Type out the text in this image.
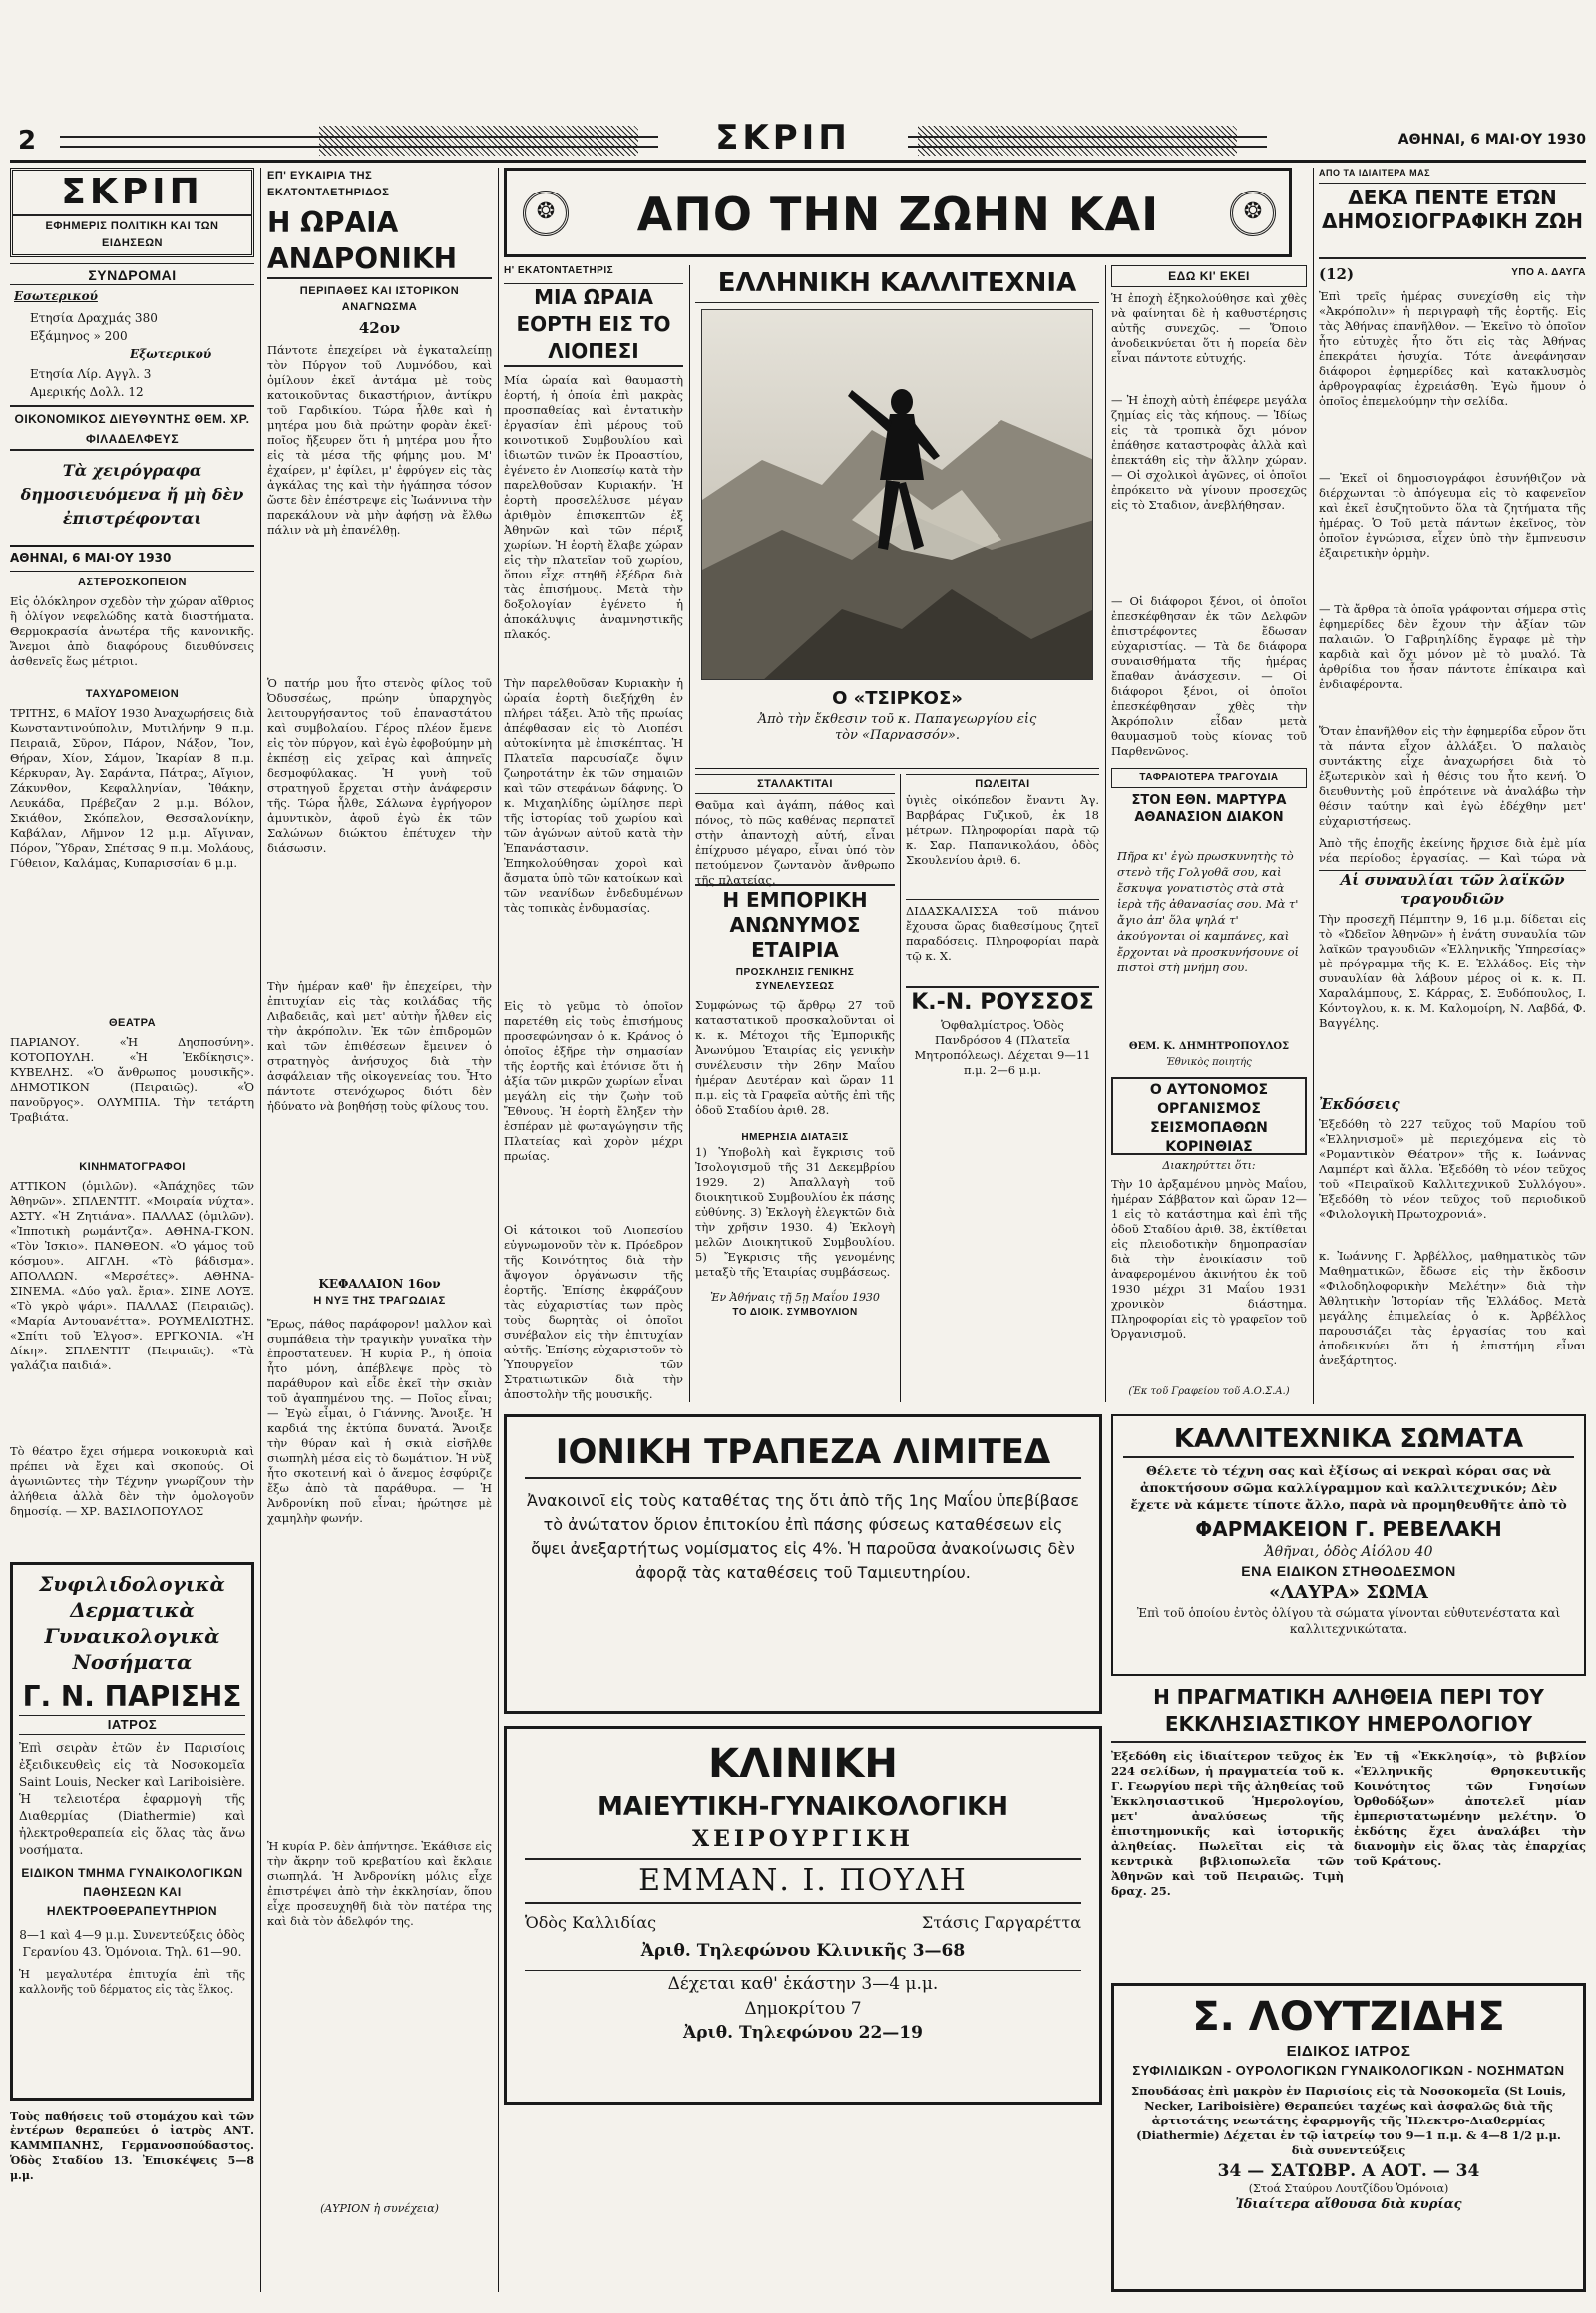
2	ΣΚΡΙΠ	ΑΘΗΝΑΙ, 6 ΜΑΙ·ΟΥ 1930
ΣΚΡΙΠ
ΕΦΗΜΕΡΙΣ ΠΟΛΙΤΙΚΗ ΚΑΙ ΤΩΝ ΕΙΔΗΣΕΩΝ
ΣΥΝΔΡΟΜΑΙ
Εσωτερικού
Ετησία Δραχμάς 380
Εξάμηνος » 200
Εξωτερικού
Ετησία Λίρ. Αγγλ. 3
Αμερικής Δολλ. 12
ΟΙΚΟΝΟΜΙΚΟΣ ΔΙΕΥΘΥΝΤΗΣ ΘΕΜ. ΧΡ. ΦΙΛΑΔΕΛΦΕΥΣ
Τὰ χειρόγραφα δημοσιευόμενα ἤ μὴ δὲν ἐπιστρέφονται
ΑΘΗΝΑΙ, 6 ΜΑΙ·ΟΥ 1930
ΑΣΤΕΡΟΣΚΟΠΕΙΟΝ
Εἰς ὁλόκληρον σχεδὸν τὴν χώραν αἴθριος ἢ ὀλίγον νεφελώδης κατὰ διαστήματα. Θερμοκρασία ἀνωτέρα τῆς κανονικῆς. Ἄνεμοι ἀπὸ διαφόρους διευθύνσεις ἀσθενεῖς ἕως μέτριοι.
ΤΑΧΥΔΡΟΜΕΙΟΝ
ΤΡΙΤΗΣ, 6 ΜΑΪΟΥ 1930 Ἀναχωρήσεις διὰ Κωνσταντινούπολιν, Μυτιλήνην 9 π.μ. Πειραιᾶ, Σῦρον, Πάρον, Νάξον, Ἴον, Θήραν, Χίον, Σάμον, Ἰκαρίαν 8 π.μ. Κέρκυραν, Ἀγ. Σαράντα, Πάτρας, Αἴγιον, Ζάκυνθον, Κεφαλληνίαν, Ἰθάκην, Λευκάδα, Πρέβεζαν 2 μ.μ. Βόλον, Σκιάθον, Σκόπελον, Θεσσαλονίκην, Καβάλαν, Λῆμνον 12 μ.μ. Αἴγιναν, Πόρον, Ὕδραν, Σπέτσας 9 π.μ. Μολάους, Γύθειον, Καλάμας, Κυπαρισσίαν 6 μ.μ.
ΘΕΑΤΡΑ
ΠΑΡΙΑΝΟΥ. «Ἡ Δησποσύνη». ΚΟΤΟΠΟΥΛΗ. «Ἡ Ἐκδίκησις». ΚΥΒΕΛΗΣ. «Ὁ ἄνθρωπος μουσικῆς». ΔΗΜΟΤΙΚΟΝ (Πειραιῶς). «Ὁ πανοῦργος». ΟΛΥΜΠΙΑ. Τὴν τετάρτη Τραβιάτα.
ΚΙΝΗΜΑΤΟΓΡΑΦΟΙ
ΑΤΤΙΚΟΝ (ὁμιλῶν). «Ἀπάχηδες τῶν Ἀθηνῶν». ΣΠΛΕΝΤΙΤ. «Μοιραία νύχτα». ΑΣΤΥ. «Ἡ Ζητιάνα». ΠΑΛΛΑΣ (ὁμιλῶν). «Ἰπποτικὴ ρωμάντζα». ΑΘΗΝΑ-ΓΚΟΝ. «Τὸν Ἰσκιο». ΠΑΝΘΕΟΝ. «Ὁ γάμος τοῦ κόσμου». ΑΙΓΛΗ. «Τὸ βάδισμα». ΑΠΟΛΛΩΝ. «Μερσέτες». ΑΘΗΝΑ-ΣΙΝΕΜΑ. «Δύο γαλ. ἔρια». ΣΙΝΕ ΛΟΥΞ. «Τὸ γκρὸ ψάρι». ΠΑΛΛΑΣ (Πειραιῶς). «Μαρία Αντουανέττα». ΡΟΥΜΕΛΙΩΤΗΣ. «Σπίτι τοῦ Ἑλγοσ». ΕΡΓΚΟΝΙΑ. «Ἡ Δίκη». ΣΠΛΕΝΤΙΤ (Πειραιῶς). «Τὰ γαλάζια παιδιά».
Τὸ θέατρο ἔχει σήμερα νοικοκυριὰ καὶ πρέπει νὰ ἔχει καὶ σκοπούς. Οἱ ἀγωνιῶντες τὴν Τέχνην γνωρίζουν τὴν ἀλήθεια ἀλλὰ δὲν τὴν ὁμολογοῦν δημοσίᾳ. — ΧΡ. ΒΑΣΙΛΟΠΟΥΛΟΣ
Συφιλιδολογικὰ
Δερματικὰ
Γυναικολογικὰ
Νοσήματα
Γ. Ν. ΠΑΡΙΣΗΣ
ΙΑΤΡΟΣ
Ἐπὶ σειρὰν ἐτῶν ἐν Παρισίοις ἐξειδικευθεὶς εἰς τὰ Νοσοκομεῖα Saint Louis, Necker καὶ Lariboisière. Ἡ τελειοτέρα ἐφαρμογὴ τῆς Διαθερμίας (Diathermie) καὶ ἠλεκτροθεραπεία εἰς ὅλας τὰς ἄνω νοσήματα.
ΕΙΔΙΚΟΝ ΤΜΗΜΑ ΓΥΝΑΙΚΟΛΟΓΙΚΩΝ ΠΑΘΗΣΕΩΝ ΚΑΙ ΗΛΕΚΤΡΟΘΕΡΑΠΕΥΤΗΡΙΟΝ
8—1 καὶ 4—9 μ.μ. Συνεντεύξεις ὁδὸς Γερανίου 43. Ὁμόνοια. Τηλ. 61—90.
Ἡ μεγαλυτέρα ἐπιτυχία ἐπὶ τῆς καλλονῆς τοῦ δέρματος εἰς τὰς ἕλκος.
Τοὺς παθήσεις τοῦ στομάχου καὶ τῶν ἐντέρων θεραπεύει ὁ ἰατρὸς ΑΝΤ. ΚΑΜΜΠΑΝΗΣ, Γερμανοσπούδαστος. Ὁδὸς Σταδίου 13. Ἐπισκέψεις 5—8 μ.μ.
ΕΠ' ΕΥΚΑΙΡΙΑ ΤΗΣ ΕΚΑΤΟΝΤΑΕΤΗΡΙΔΟΣ
Η ΩΡΑΙΑ ΑΝΔΡΟΝΙΚΗ
ΠΕΡΙΠΑΘΕΣ ΚΑΙ ΙΣΤΟΡΙΚΟΝ ΑΝΑΓΝΩΣΜΑ
42ον
Πάντοτε ἐπεχείρει νὰ ἐγκαταλείπῃ τὸν Πύργον τοῦ Λυμνόδου, καὶ ὁμίλουν ἐκεῖ ἀντάμα μὲ τοὺς κατοικοῦντας δικαστήριον, ἀντίκρυ τοῦ Γαρδικίου. Τώρα ἦλθε καὶ ἡ μητέρα μου διὰ πρώτην φορὰν ἐκεῖ· ποῖος ἤξευρεν ὅτι ἡ μητέρα μου ἦτο εἰς τὰ μέσα τῆς φήμης μου. Μ' ἐχαίρεν, μ' ἐφίλει, μ' ἐφρύγεν εἰς τὰς ἀγκάλας της καὶ τὴν ἠγάπησα τόσον ὥστε δὲν ἐπέστρεψε εἰς Ἰωάννινα τὴν παρεκάλουν νὰ μὴν ἀφήσῃ νὰ ἔλθω πάλιν νὰ μὴ ἐπανέλθῃ.
Ὁ πατήρ μου ἦτο στενὸς φίλος τοῦ Ὀδυσσέως, πρώην ὑπαρχηγὸς λειτουργήσαντος τοῦ ἐπαναστάτου καὶ συμβολαίου. Γέρος πλέον ἔμενε εἰς τὸν πύργον, καὶ ἐγὼ ἐφοβούμην μὴ ἐκπέσῃ εἰς χεῖρας καὶ ἀπηνεῖς δεσμοφύλακας. Ἡ γυνὴ τοῦ στρατηγοῦ ἔρχεται στὴν ἀνάφερσιν τῆς. Τώρα ἦλθε, Σάλωνα ἐγρήγορον ἀμυντικὸν, ἀφοῦ ἐγὼ ἐκ τῶν Σαλώνων διώκτου ἐπέτυχεν τὴν διάσωσιν.
Τὴν ἡμέραν καθ' ἣν ἐπεχείρει, τὴν ἐπιτυχίαν εἰς τὰς κοιλάδας τῆς Λιβαδειᾶς, καὶ μετ' αὐτὴν ἦλθεν εἰς τὴν ἀκρόπολιν. Ἐκ τῶν ἐπιδρομῶν καὶ τῶν ἐπιθέσεων ἔμεινεν ὁ στρατηγὸς ἀνήσυχος διὰ τὴν ἀσφάλειαν τῆς οἰκογενείας του. Ἦτο πάντοτε στενόχωρος διότι δὲν ἠδύνατο νὰ βοηθήσῃ τοὺς φίλους του.
ΚΕΦΑΛΑΙΟΝ 16ον
Η ΝΥΞ ΤΗΣ ΤΡΑΓΩΔΙΑΣ
Ἔρως, πάθος παράφορον! μαλλον καὶ συμπάθεια τὴν τραγικὴν γυναῖκα τὴν ἐπροστατευεν. Ἡ κυρία Ρ., ἡ ὁποία ἦτο μόνη, ἀπέβλεψε πρὸς τὸ παράθυρον καὶ εἶδε ἐκεῖ τὴν σκιὰν τοῦ ἀγαπημένου της. — Ποῖος εἶναι; — Ἐγὼ εἶμαι, ὁ Γιάννης. Ἄνοιξε. Ἡ καρδιά της ἐκτύπα δυνατά. Ἄνοιξε τὴν θύραν καὶ ἡ σκιὰ εἰσῆλθε σιωπηλὴ μέσα εἰς τὸ δωμάτιον. Ἡ νὺξ ἦτο σκοτεινή καὶ ὁ ἄνεμος ἐσφύριζε ἔξω ἀπὸ τὰ παράθυρα. — Ἡ Ἀνδρονίκη ποῦ εἶναι; ἠρώτησε μὲ χαμηλὴν φωνήν.
Ἡ κυρία Ρ. δὲν ἀπήντησε. Ἐκάθισε εἰς τὴν ἄκρην τοῦ κρεβατίου καὶ ἔκλαιε σιωπηλά. Ἡ Ἀνδρονίκη μόλις εἶχε ἐπιστρέψει ἀπὸ τὴν ἐκκλησίαν, ὅπου εἶχε προσευχηθῆ διὰ τὸν πατέρα της καὶ διὰ τὸν ἀδελφόν της.
(ΑΥΡΙΟΝ ἡ συνέχεια)
❂	ΑΠΟ ΤΗΝ ΖΩΗΝ ΚΑΙ	❂
Η' ΕΚΑΤΟΝΤΑΕΤΗΡΙΣ
ΜΙΑ ΩΡΑΙΑ ΕΟΡΤΗ ΕΙΣ ΤΟ ΛΙΟΠΕΣΙ
Μία ὡραία καὶ θαυμαστὴ ἑορτή, ἡ ὁποία ἐπὶ μακρὰς προσπαθείας καὶ ἐντατικὴν ἐργασίαν ἐπὶ μέρους τοῦ κοινοτικοῦ Συμβουλίου καὶ ἰδιωτῶν τινῶν ἐκ Προαστίου, ἐγένετο ἐν Λιοπεσίῳ κατὰ τὴν παρελθοῦσαν Κυριακήν. Ἡ ἑορτὴ προσελέλυσε μέγαν ἀριθμὸν ἐπισκεπτῶν ἐξ Ἀθηνῶν καὶ τῶν πέριξ χωρίων. Ἡ ἑορτὴ ἔλαβε χώραν εἰς τὴν πλατεῖαν τοῦ χωρίου, ὅπου εἶχε στηθῆ ἐξέδρα διὰ τὰς ἐπισήμους. Μετὰ τὴν δοξολογίαν ἐγένετο ἡ ἀποκάλυψις ἀναμνηστικῆς πλακός.
Τὴν παρελθοῦσαν Κυριακὴν ἡ ὡραία ἑορτὴ διεξήχθη ἐν πλήρει τάξει. Ἀπὸ τῆς πρωίας ἀπέφθασαν εἰς τὸ Λιοπέσι αὐτοκίνητα μὲ ἐπισκέπτας. Ἡ Πλατεῖα παρουσίαζε ὄψιν ζωηροτάτην ἐκ τῶν σημαιῶν καὶ τῶν στεφάνων δάφνης. Ὁ κ. Μιχαηλίδης ὡμίλησε περὶ τῆς ἱστορίας τοῦ χωρίου καὶ τῶν ἀγώνων αὐτοῦ κατὰ τὴν Ἐπανάστασιν. Ἐπηκολούθησαν χοροὶ καὶ ἄσματα ὑπὸ τῶν κατοίκων καὶ τῶν νεανίδων ἐνδεδυμένων τὰς τοπικὰς ἐνδυμασίας.
Εἰς τὸ γεῦμα τὸ ὁποῖον παρετέθη εἰς τοὺς ἐπισήμους προσεφώνησαν ὁ κ. Κράνος ὁ ὁποῖος ἐξῆρε τὴν σημασίαν τῆς ἑορτῆς καὶ ἐτόνισε ὅτι ἡ ἀξία τῶν μικρῶν χωρίων εἶναι μεγάλη εἰς τὴν ζωὴν τοῦ Ἔθνους. Ἡ ἑορτὴ ἔληξεν τὴν ἑσπέραν μὲ φωταγώγησιν τῆς Πλατείας καὶ χορὸν μέχρι πρωίας.
Οἱ κάτοικοι τοῦ Λιοπεσίου εὐγνωμονοῦν τὸν κ. Πρόεδρον τῆς Κοινότητος διὰ τὴν ἄψογον ὀργάνωσιν τῆς ἑορτῆς. Ἐπίσης ἐκφράζουν τὰς εὐχαριστίας των πρὸς τοὺς δωρητὰς οἱ ὁποῖοι συνέβαλον εἰς τὴν ἐπιτυχίαν αὐτῆς. Ἐπίσης εὐχαριστοῦν τὸ Ὑπουργεῖον τῶν Στρατιωτικῶν διὰ τὴν ἀποστολὴν τῆς μουσικῆς.
ΕΛΛΗΝΙΚΗ ΚΑΛΛΙΤΕΧΝΙΑ
Ο «ΤΣΙΡΚΟΣ»
Ἀπὸ τὴν ἔκθεσιν τοῦ κ. Παπαγεωργίου εἰς τὸν «Παρνασσόν».
ΣΤΑΛΑΚΤΙΤΑΙ
Θαῦμα καὶ ἀγάπη, πάθος καὶ πόνος, τὸ πῶς καθένας περπατεῖ στὴν ἀπαντοχὴ αὐτή, εἶναι ἐπίχρυσο μέγαρο, εἶναι ὑπό τὸν πετούμενον ζωντανὸν ἄνθρωπο τῆς πλατείας.
Η ΕΜΠΟΡΙΚΗ ΑΝΩΝΥΜΟΣ ΕΤΑΙΡΙΑ
ΠΡΟΣΚΛΗΣΙΣ ΓΕΝΙΚΗΣ ΣΥΝΕΛΕΥΣΕΩΣ
Συμφώνως τῷ ἄρθρῳ 27 τοῦ καταστατικοῦ προσκαλοῦνται οἱ κ. κ. Μέτοχοι τῆς Ἐμπορικῆς Ἀνωνύμου Ἑταιρίας εἰς γενικὴν συνέλευσιν τὴν 26ην Μαΐου ἡμέραν Δευτέραν καὶ ὥραν 11 π.μ. εἰς τὰ Γραφεῖα αὐτῆς ἐπὶ τῆς ὁδοῦ Σταδίου ἀριθ. 28.
ΗΜΕΡΗΣΙΑ ΔΙΑΤΑΞΙΣ
1) Ὑποβολὴ καὶ ἔγκρισις τοῦ Ἰσολογισμοῦ τῆς 31 Δεκεμβρίου 1929. 2) Ἀπαλλαγὴ τοῦ διοικητικοῦ Συμβουλίου ἐκ πάσης εὐθύνης. 3) Ἐκλογὴ ἐλεγκτῶν διὰ τὴν χρῆσιν 1930. 4) Ἐκλογὴ μελῶν Διοικητικοῦ Συμβουλίου. 5) Ἔγκρισις τῆς γενομένης μεταξὺ τῆς Ἑταιρίας συμβάσεως.
Ἐν Ἀθήναις τῇ 5ῃ Μαΐου 1930
ΤΟ ΔΙΟΙΚ. ΣΥΜΒΟΥΛΙΟΝ
ΠΩΛΕΙΤΑΙ
ὑγιὲς οἰκόπεδον ἔναντι Ἀγ. Βαρβάρας Γυζικοῦ, ἐκ 18 μέτρων. Πληροφορίαι παρὰ τῷ κ. Σαρ. Παπανικολάου, ὁδὸς Σκουλενίου ἀριθ. 6.
ΔΙΔΑΣΚΑΛΙΣΣΑ τοῦ πιάνου ἔχουσα ὥρας διαθεσίμους ζητεῖ παραδόσεις. Πληροφορίαι παρὰ τῷ κ. Χ.
Κ.-Ν. ΡΟΥΣΣΟΣ
Ὁφθαλμίατρος. Ὁδὸς Πανδρόσου 4 (Πλατεῖα Μητροπόλεως). Δέχεται 9—11 π.μ. 2—6 μ.μ.
ΕΔΩ ΚΙ' ΕΚΕΙ
Ἡ ἐποχὴ ἐξηκολούθησε καὶ χθὲς νὰ φαίνηται δὲ ἡ καθυστέρησις αὐτῆς συνεχῶς. — Ὅποιο ἀνοδεικνύεται ὅτι ἡ πορεία δὲν εἶναι πάντοτε εὐτυχής.
— Ἡ ἐποχὴ αὐτὴ ἐπέφερε μεγάλα ζημίας εἰς τὰς κήπους. — Ἰδίως εἰς τὰ τροπικὰ ὄχι μόνον ἐπάθησε καταστροφὰς ἀλλὰ καὶ ἐπεκτάθη εἰς τὴν ἄλλην χώραν. — Οἱ σχολικοὶ ἀγῶνες, οἱ ὁποῖοι ἐπρόκειτο νὰ γίνουν προσεχῶς εἰς τὸ Σταδιον, ἀνεβλήθησαν.
— Οἱ διάφοροι ξένοι, οἱ ὁποῖοι ἐπεσκέφθησαν ἐκ τῶν Δελφῶν ἐπιστρέφοντες ἔδωσαν εὐχαριστίας. — Τὰ δε διάφορα συναισθήματα τῆς ἡμέρας ἔπαθαν ἀνάσχεσιν. — Οἱ διάφοροι ξένοι, οἱ ὁποῖοι ἐπεσκέφθησαν χθὲς τὴν Ἀκρόπολιν εἶδαν μετὰ θαυμασμοῦ τοὺς κίονας τοῦ Παρθενῶνος.
ΤΑΦΡΑΙΟΤΕΡΑ ΤΡΑΓΟΥΔΙΑ
ΣΤΟΝ ΕΘΝ. ΜΑΡΤΥΡΑ ΑΘΑΝΑΣΙΟΝ ΔΙΑΚΟΝ
Πῆρα κι' ἐγὼ πρωσκυνητὴς τὸ στενὸ τῆς Γολγοθᾶ σου, καὶ ἔσκυψα γονατιστὸς στὰ στὰ ἱερὰ τῆς ἀθανασίας σου. Μὰ τ' ἄγιο ἀπ' ὅλα ψηλά τ' ἀκούγονται οἱ καμπάνες, καὶ ἔρχονται νὰ προσκυνήσουνε οἱ πιστοὶ στὴ μνήμη σου.
ΘΕΜ. Κ. ΔΗΜΗΤΡΟΠΟΥΛΟΣ
Ἐθνικὸς ποιητής
Ο ΑΥΤΟΝΟΜΟΣ ΟΡΓΑΝΙΣΜΟΣ ΣΕΙΣΜΟΠΑΘΩΝ ΚΟΡΙΝΘΙΑΣ
Διακηρύττει ὅτι:
Τὴν 10 ἀρξαμένου μηνὸς Μαΐου, ἡμέραν Σάββατον καὶ ὥραν 12—1 εἰς τὸ κατάστημα καὶ ἐπὶ τῆς ὁδοῦ Σταδίου ἀριθ. 38, ἐκτίθεται εἰς πλειοδοτικὴν δημοπρασίαν διὰ τὴν ἐνοικίασιν τοῦ ἀναφερομένου ἀκινήτου ἐκ τοῦ 1930 μέχρι 31 Μαΐου 1931 χρονικὸν διάστημα. Πληροφορίαι εἰς τὸ γραφεῖον τοῦ Ὀργανισμοῦ.
(Ἐκ τοῦ Γραφείου τοῦ Α.Ο.Σ.Α.)
ΑΠΟ ΤΑ ΙΔΙΑΙΤΕΡΑ ΜΑΣ
ΔΕΚΑ ΠΕΝΤΕ ΕΤΩΝ ΔΗΜΟΣΙΟΓΡΑΦΙΚΗ ΖΩΗ
(12)	ΥΠΟ Α. ΔΑΥΓΑ
Ἐπὶ τρεῖς ἡμέρας συνεχίσθη εἰς τὴν «Ἀκρόπολιν» ἡ περιγραφὴ τῆς ἑορτῆς. Εἰς τὰς Ἀθήνας ἐπανῆλθον. — Ἐκεῖνο τὸ ὁποῖον ἦτο εὐτυχὲς ἦτο ὅτι εἰς τὰς Ἀθήνας ἐπεκράτει ἡσυχία. Τότε ἀνεφάνησαν διάφοροι ἐφημερίδες καὶ κατακλυσμὸς ἀρθρογραφίας ἐχρειάσθη. Ἐγὼ ἤμουν ὁ ὁποῖος ἐπεμελούμην τὴν σελίδα.
— Ἐκεῖ οἱ δημοσιογράφοι ἐσυνήθιζον νὰ διέρχωνται τὸ ἀπόγευμα εἰς τὸ καφενεῖον καὶ ἐκεῖ ἐσυζητοῦντο ὅλα τὰ ζητήματα τῆς ἡμέρας. Ὁ Τοῦ μετὰ πάντων ἐκεῖνος, τὸν ὁποῖον ἐγνώρισα, εἶχεν ὑπὸ τὴν ἔμπνευσιν ἐξαιρετικὴν ὁρμὴν.
— Τὰ ἄρθρα τὰ ὁποῖα γράφονται σήμερα στὶς ἐφημερίδες δὲν ἔχουν τὴν ἀξίαν τῶν παλαιῶν. Ὁ Γαβριηλίδης ἔγραφε μὲ τὴν καρδιὰ καὶ ὄχι μόνον μὲ τὸ μυαλό. Τὰ ἀρθρίδια του ἦσαν πάντοτε ἐπίκαιρα καὶ ἐνδιαφέροντα.
Ὅταν ἐπανῆλθον εἰς τὴν ἐφημερίδα εὗρον ὅτι τὰ πάντα εἶχον ἀλλάξει. Ὁ παλαιὸς συντάκτης εἶχε ἀναχωρήσει διὰ τὸ ἐξωτερικὸν καὶ ἡ θέσις του ἦτο κενή. Ὁ διευθυντὴς μοῦ ἐπρότεινε νὰ ἀναλάβω τὴν θέσιν ταύτην καὶ ἐγὼ ἐδέχθην μετ' εὐχαριστήσεως.
Ἀπὸ τῆς ἐποχῆς ἐκείνης ἤρχισε διὰ ἐμὲ μία νέα περίοδος ἐργασίας. — Καὶ τώρα νὰ
Αἱ συναυλίαι τῶν λαϊκῶν τραγουδιῶν
Τὴν προσεχῆ Πέμπτην 9, 16 μ.μ. δίδεται εἰς τὸ «Ὠδεῖον Ἀθηνῶν» ἡ ἐνάτη συναυλία τῶν λαϊκῶν τραγουδιῶν «Ἑλληνικῆς Ὑπηρεσίας» μὲ πρόγραμμα τῆς Κ. Ε. Ἑλλάδος. Εἰς τὴν συναυλίαν θὰ λάβουν μέρος οἱ κ. κ. Π. Χαραλάμπους, Σ. Κάρρας, Σ. Ξυδόπουλος, Ι. Κόντογλου, κ. κ. Μ. Καλομοίρη, Ν. Λαβδά, Φ. Βαγγέλης.
Ἐκδόσεις
Ἐξεδόθη τὸ 227 τεῦχος τοῦ Μαρίου τοῦ «Ἑλληνισμοῦ» μὲ περιεχόμενα εἰς τὸ «Ρομαντικὸν Θέατρον» τῆς κ. Ιωάννας Λαμπέρτ καὶ ἄλλα. Ἐξεδόθη τὸ νέον τεῦχος τοῦ «Πειραϊκοῦ Καλλιτεχνικοῦ Συλλόγου». Ἐξεδόθη τὸ νέον τεῦχος τοῦ περιοδικοῦ «Φιλολογικὴ Πρωτοχρονιά».
κ. Ἰωάννης Γ. Ἀρβέλλος, μαθηματικὸς τῶν Μαθηματικῶν, ἔδωσε εἰς τὴν ἔκδοσιν «Φιλοδηλοφορικὴν Μελέτην» διὰ τὴν Ἀθλητικὴν Ἱστορίαν τῆς Ἑλλάδος. Μετὰ μεγάλης ἐπιμελείας ὁ κ. Ἀρβέλλος παρουσιάζει τὰς ἐργασίας του καὶ ἀποδεικνύει ὅτι ἡ ἐπιστήμη εἶναι ἀνεξάρτητος.
ΙΟΝΙΚΗ ΤΡΑΠΕΖΑ ΛΙΜΙΤΕΔ
Ἀνακοινοῖ εἰς τοὺς καταθέτας της ὅτι ἀπὸ τῆς 1ης Μαΐου ὑπεβίβασε τὸ ἀνώτατον ὅριον ἐπιτοκίου ἐπὶ πάσης φύσεως καταθέσεων εἰς ὄψει ἀνεξαρτήτως νομίσματος εἰς 4%. Ἡ παροῦσα ἀνακοίνωσις δὲν ἀφορᾷ τὰς καταθέσεις τοῦ Ταμιευτηρίου.
ΚΛΙΝΙΚΗ
ΜΑΙΕΥΤΙΚΗ-ΓΥΝΑΙΚΟΛΟΓΙΚΗ
ΧΕΙΡΟΥΡΓΙΚΗ
ΕΜΜΑΝ. Ι. ΠΟΥΛΗ
Ὁδὸς Καλλιδίας	Στάσις Γαργαρέττα
Ἀριθ. Τηλεφώνου Κλινικῆς 3—68
Δέχεται καθ' ἑκάστην 3—4 μ.μ.
Δημοκρίτου 7
Ἀριθ. Τηλεφώνου 22—19
ΚΑΛΛΙΤΕΧΝΙΚΑ ΣΩΜΑΤΑ
Θέλετε τὸ τέχνη σας καὶ ἐξίσως αἱ νεκραὶ κόραι σας νὰ ἀποκτήσουν σῶμα καλλίγραμμον καὶ καλλιτεχνικόν; Δὲν ἔχετε νὰ κάμετε τίποτε ἄλλο, παρὰ νὰ προμηθευθῆτε ἀπὸ τὸ
ΦΑΡΜΑΚΕΙΟΝ Γ. ΡΕΒΕΛΑΚΗ
Ἀθῆναι, ὁδὸς Αἰόλου 40
ΕΝΑ ΕΙΔΙΚΟΝ ΣΤΗΘΟΔΕΣΜΟΝ
«ΛΑΥΡΑ» ΣΩΜΑ
Ἐπὶ τοῦ ὁποίου ἐντὸς ὀλίγου τὰ σώματα γίνονται εὐθυτενέστατα καὶ καλλιτεχνικώτατα.
Η ΠΡΑΓΜΑΤΙΚΗ ΑΛΗΘΕΙΑ ΠΕΡΙ ΤΟΥ ΕΚΚΛΗΣΙΑΣΤΙΚΟΥ ΗΜΕΡΟΛΟΓΙΟΥ
Ἐξεδόθη εἰς ἰδιαίτερον τεῦχος ἐκ 224 σελίδων, ἡ πραγματεία τοῦ κ. Γ. Γεωργίου περὶ τῆς ἀληθείας τοῦ Ἐκκλησιαστικοῦ Ἡμερολογίου, μετ' ἀναλύσεως τῆς ἐπιστημονικῆς καὶ ἱστορικῆς ἀληθείας. Πωλεῖται εἰς τὰ κεντρικὰ βιβλιοπωλεῖα τῶν Ἀθηνῶν καὶ τοῦ Πειραιῶς. Τιμὴ δραχ. 25.
Ἐν τῇ «Ἐκκλησίᾳ», τὸ βιβλίον «Ἑλληνικῆς Θρησκευτικῆς Κοινότητος τῶν Γνησίων Ὀρθοδόξων» ἀποτελεῖ μίαν ἐμπεριστατωμένην μελέτην. Ὁ ἐκδότης ἔχει ἀναλάβει τὴν διανομὴν εἰς ὅλας τὰς ἐπαρχίας τοῦ Κράτους.
Σ. ΛΟΥΤΖΙΔΗΣ
ΕΙΔΙΚΟΣ ΙΑΤΡΟΣ
ΣΥΦΙΛΙΔΙΚΩΝ - ΟΥΡΟΛΟΓΙΚΩΝ ΓΥΝΑΙΚΟΛΟΓΙΚΩΝ - ΝΟΣΗΜΑΤΩΝ
Σπουδάσας ἐπὶ μακρὸν ἐν Παρισίοις εἰς τὰ Νοσοκομεῖα (St Louis, Necker, Lariboisière) Θεραπεύει ταχέως καὶ ἀσφαλῶς διὰ τῆς ἀρτιοτάτης νεωτάτης ἐφαρμογῆς τῆς Ἠλεκτρο-Διαθερμίας (Diathermie) Δέχεται ἐν τῷ ἰατρείῳ του 9—1 π.μ. & 4—8 1/2 μ.μ. διὰ συνεντεύξεις
34 — ΣΑΤΩΒΡ. Α ΑΟΤ. — 34
(Στοά Σταύρου Λουτζίδου Ὁμόνοια)
Ἰδιαίτερα αἴθουσα διὰ κυρίας
